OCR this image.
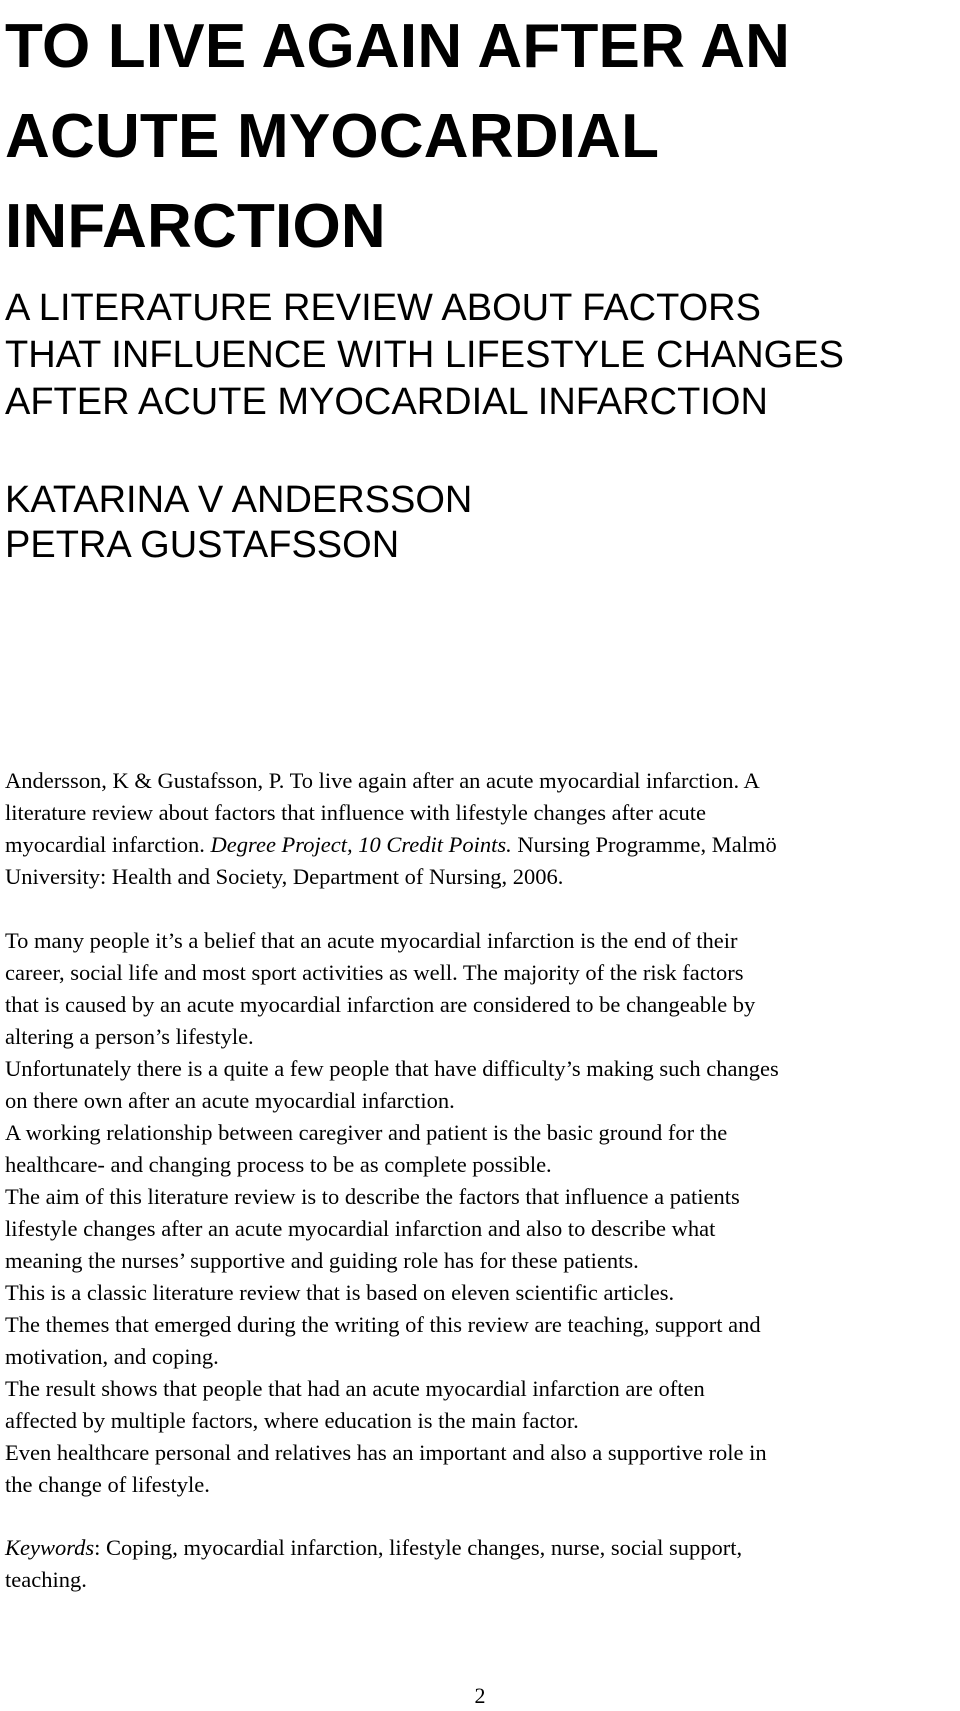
TO LIVE AGAIN AFTER AN
ACUTE MYOCARDIAL
INFARCTION
A LITERATURE REVIEW ABOUT FACTORS
THAT INFLUENCE WITH LIFESTYLE CHANGES
AFTER ACUTE MYOCARDIAL INFARCTION
KATARINA V ANDERSSON
PETRA GUSTAFSSON
Andersson, K & Gustafsson, P. To live again after an acute myocardial infarction. A
literature review about factors that influence with lifestyle changes after acute
myocardial infarction. Degree Project, 10 Credit Points. Nursing Programme, Malmö
University: Health and Society, Department of Nursing, 2006.

To many people it’s a belief that an acute myocardial infarction is the end of their
career, social life and most sport activities as well. The majority of the risk factors
that is caused by an acute myocardial infarction are considered to be changeable by
altering a person’s lifestyle.

Unfortunately there is a quite a few people that have difficulty’s making such changes
on there own after an acute myocardial infarction.

A working relationship between caregiver and patient is the basic ground for the
healthcare- and changing process to be as complete possible.

The aim of this literature review is to describe the factors that influence a patients
lifestyle changes after an acute myocardial infarction and also to describe what
meaning the nurses’ supportive and guiding role has for these patients.

This is a classic literature review that is based on eleven scientific articles.

The themes that emerged during the writing of this review are teaching, support and
motivation, and coping.

The result shows that people that had an acute myocardial infarction are often
affected by multiple factors, where education is the main factor.

Even healthcare personal and relatives has an important and also a supportive role in
the change of lifestyle.

Keywords: Coping, myocardial infarction, lifestyle changes, nurse, social support,
teaching.
2
